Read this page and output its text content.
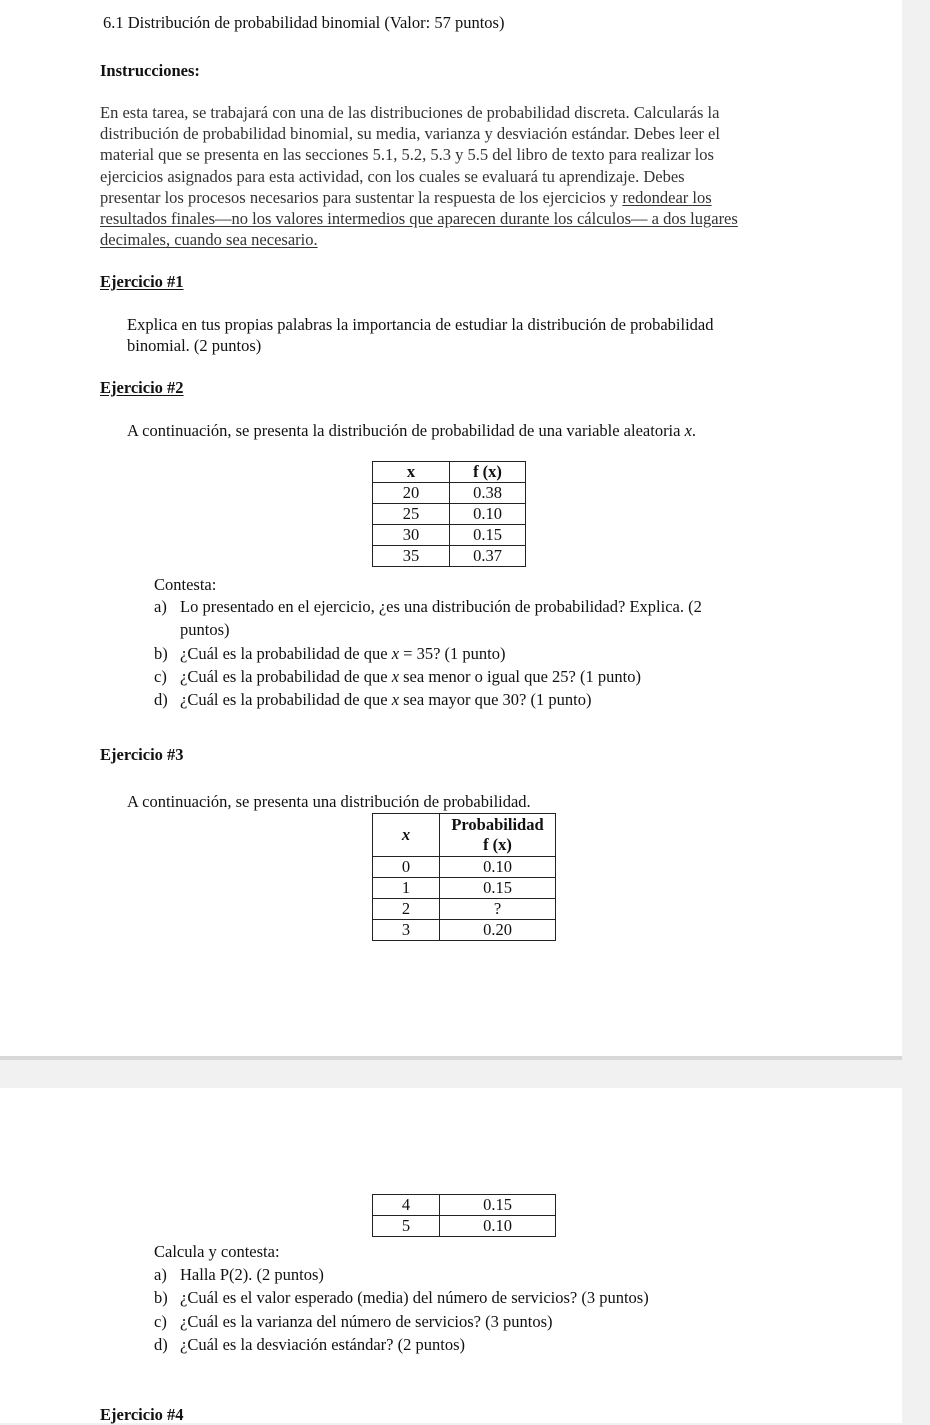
6.1 Distribución de probabilidad binomial (Valor: 57 puntos)

Instrucciones:

En esta tarea, se trabajará con una de las distribuciones de probabilidad discreta. Calcularás la
distribución de probabilidad binomial, su media, varianza y desviación estándar. Debes leer el
material que se presenta en las secciones 5.1, 5.2, 5.3 y 5.5 del libro de texto para realizar los
ejercicios asignados para esta actividad, con los cuales se evaluará tu aprendizaje. Debes
presentar los procesos necesarios para sustentar la respuesta de los ejercicios y redondear los
resultados finales—no los valores intermedios que aparecen durante los cálculos— a dos lugares
decimales, cuando sea necesario.

Ejercicio #1

Explica en tus propias palabras la importancia de estudiar la distribución de probabilidad
binomial. (2 puntos)

Ejercicio #2

A continuación, se presenta la distribución de probabilidad de una variable aleatoria x.

x	f (x)
20	0.38
25	0.10
30	0.15
35	0.37

Contesta:

a) Lo presentado en el ejercicio, ¿es una distribución de probabilidad? Explica. (2
puntos)
b) ¿Cuál es la probabilidad de que x = 35? (1 punto)
c) ¿Cuál es la probabilidad de que x sea menor o igual que 25? (1 punto)
d) ¿Cuál es la probabilidad de que x sea mayor que 30? (1 punto)

Ejercicio #3

A continuación, se presenta una distribución de probabilidad.

x	Probabilidad
f (x)
0	0.10
1	0.15
2	?
3	0.20
4	0.15
5	0.10

Calcula y contesta:

a) Halla P(2). (2 puntos)
b) ¿Cuál es el valor esperado (media) del número de servicios? (3 puntos)
c) ¿Cuál es la varianza del número de servicios? (3 puntos)
d) ¿Cuál es la desviación estándar? (2 puntos)

Ejercicio #4
